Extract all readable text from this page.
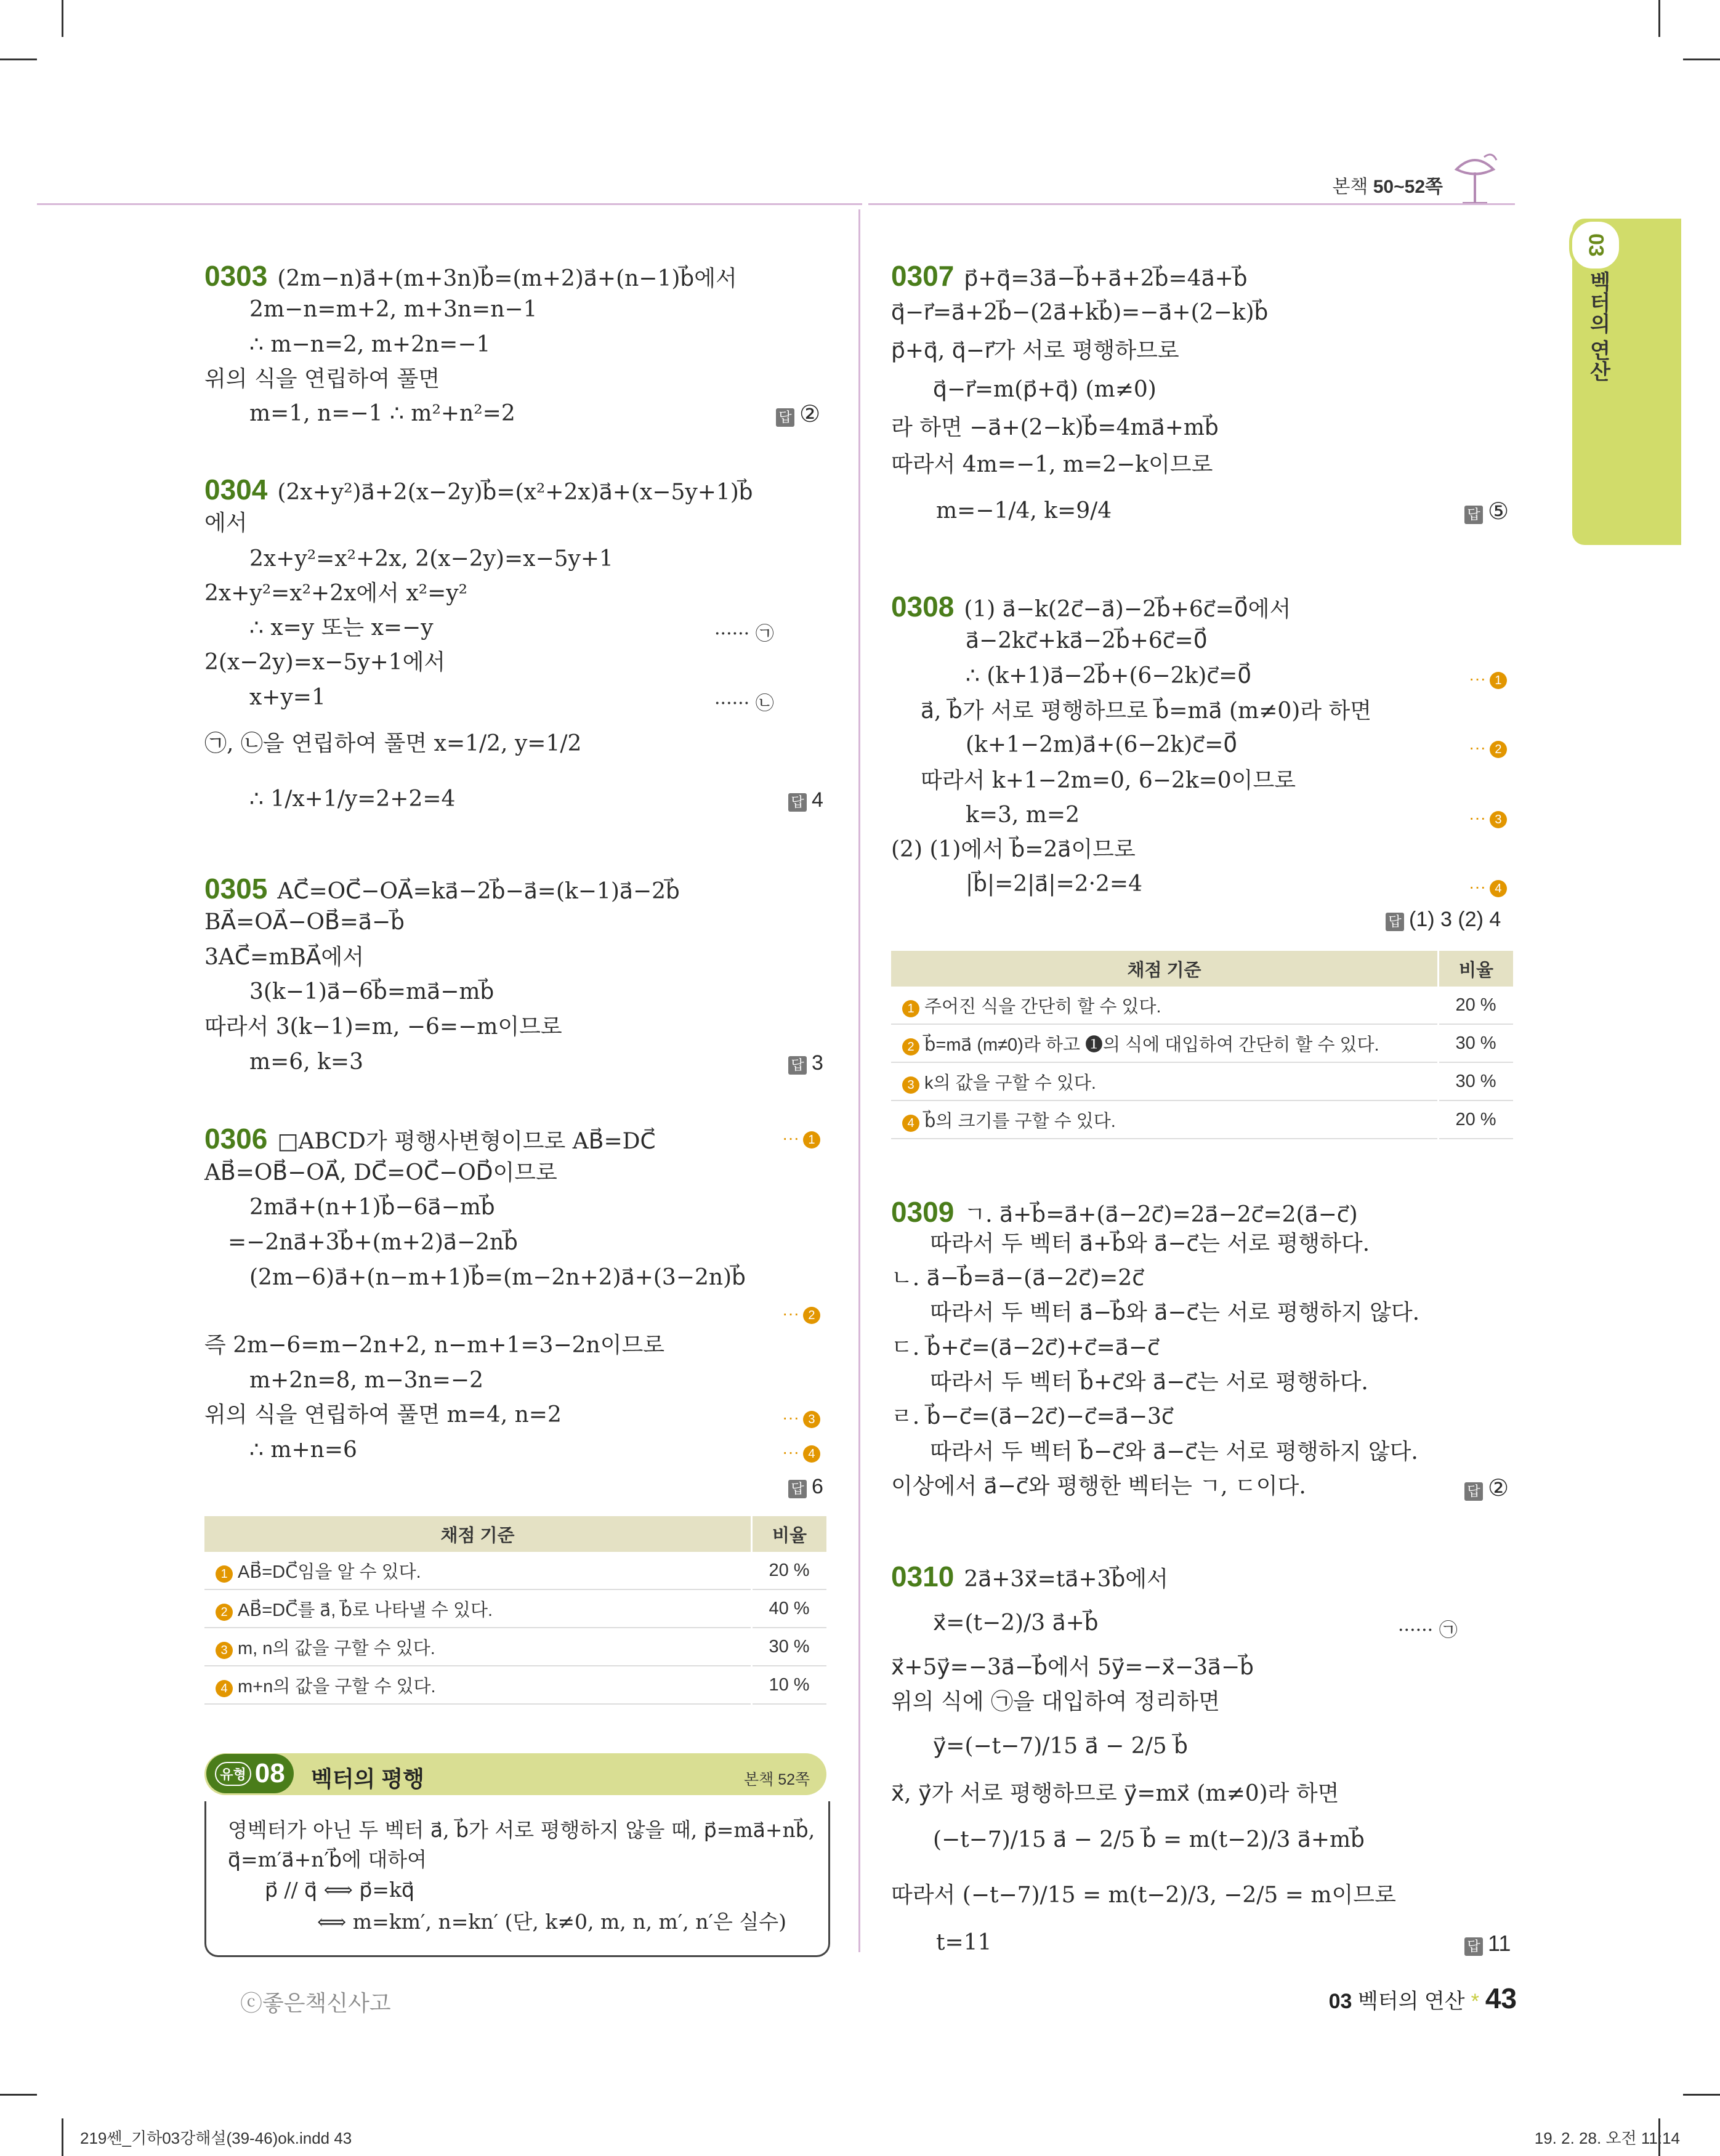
본책 50~52쪽
03
벡터의 연산
0303 (2m−n)a⃗+(m+3n)b⃗=(m+2)a⃗+(n−1)b⃗에서
2m−n=m+2, m+3n=n−1
∴ m−n=2, m+2n=−1
위의 식을 연립하여 풀면
m=1, n=−1 ∴ m²+n²=2	답 ②
0304 (2x+y²)a⃗+2(x−2y)b⃗=(x²+2x)a⃗+(x−5y+1)b⃗
에서
2x+y²=x²+2x, 2(x−2y)=x−5y+1
2x+y²=x²+2x에서 x²=y²
∴ x=y 또는 x=−y	······ ㉠
2(x−2y)=x−5y+1에서
x+y=1	······ ㉡
㉠, ㉡을 연립하여 풀면 x=1/2, y=1/2
∴ 1/x+1/y=2+2=4	답 4
0305 AC⃗=OC⃗−OA⃗=ka⃗−2b⃗−a⃗=(k−1)a⃗−2b⃗
BA⃗=OA⃗−OB⃗=a⃗−b⃗
3AC⃗=mBA⃗에서
3(k−1)a⃗−6b⃗=ma⃗−mb⃗
따라서 3(k−1)=m, −6=−m이므로
m=6, k=3	답 3
0306 □ABCD가 평행사변형이므로 AB⃗=DC⃗	··· 1
AB⃗=OB⃗−OA⃗, DC⃗=OC⃗−OD⃗이므로
2ma⃗+(n+1)b⃗−6a⃗−mb⃗
=−2na⃗+3b⃗+(m+2)a⃗−2nb⃗
(2m−6)a⃗+(n−m+1)b⃗=(m−2n+2)a⃗+(3−2n)b⃗
··· 2
즉 2m−6=m−2n+2, n−m+1=3−2n이므로
m+2n=8, m−3n=−2
위의 식을 연립하여 풀면 m=4, n=2	··· 3
∴ m+n=6	··· 4
답 6
채점 기준	비율
1 AB⃗=DC⃗임을 알 수 있다.	20 %
2 AB⃗=DC⃗를 a⃗, b⃗로 나타낼 수 있다.	40 %
3 m, n의 값을 구할 수 있다.	30 %
4 m+n의 값을 구할 수 있다.	10 %
유형 08 벡터의 평행	본책 52쪽
영벡터가 아닌 두 벡터 a⃗, b⃗가 서로 평행하지 않을 때, p⃗=ma⃗+nb⃗,
q⃗=m′a⃗+n′b⃗에 대하여
p⃗ // q⃗ ⟺ p⃗=kq⃗
⟺ m=km′, n=kn′ (단, k≠0, m, n, m′, n′은 실수)
0307 p⃗+q⃗=3a⃗−b⃗+a⃗+2b⃗=4a⃗+b⃗
q⃗−r⃗=a⃗+2b⃗−(2a⃗+kb⃗)=−a⃗+(2−k)b⃗
p⃗+q⃗, q⃗−r⃗가 서로 평행하므로
q⃗−r⃗=m(p⃗+q⃗) (m≠0)
라 하면 −a⃗+(2−k)b⃗=4ma⃗+mb⃗
따라서 4m=−1, m=2−k이므로
m=−1/4, k=9/4	답 ⑤
0308 (1) a⃗−k(2c⃗−a⃗)−2b⃗+6c⃗=0⃗에서
a⃗−2kc⃗+ka⃗−2b⃗+6c⃗=0⃗
∴ (k+1)a⃗−2b⃗+(6−2k)c⃗=0⃗	··· 1
a⃗, b⃗가 서로 평행하므로 b⃗=ma⃗ (m≠0)라 하면
(k+1−2m)a⃗+(6−2k)c⃗=0⃗	··· 2
따라서 k+1−2m=0, 6−2k=0이므로
k=3, m=2	··· 3
(2) (1)에서 b⃗=2a⃗이므로
|b⃗|=2|a⃗|=2·2=4	··· 4
답 (1) 3 (2) 4
채점 기준	비율
1 주어진 식을 간단히 할 수 있다.	20 %
2 b⃗=ma⃗ (m≠0)라 하고 ❶의 식에 대입하여 간단히 할 수 있다.	30 %
3 k의 값을 구할 수 있다.	30 %
4 b⃗의 크기를 구할 수 있다.	20 %
0309 ㄱ. a⃗+b⃗=a⃗+(a⃗−2c⃗)=2a⃗−2c⃗=2(a⃗−c⃗)
따라서 두 벡터 a⃗+b⃗와 a⃗−c⃗는 서로 평행하다.
ㄴ. a⃗−b⃗=a⃗−(a⃗−2c⃗)=2c⃗
따라서 두 벡터 a⃗−b⃗와 a⃗−c⃗는 서로 평행하지 않다.
ㄷ. b⃗+c⃗=(a⃗−2c⃗)+c⃗=a⃗−c⃗
따라서 두 벡터 b⃗+c⃗와 a⃗−c⃗는 서로 평행하다.
ㄹ. b⃗−c⃗=(a⃗−2c⃗)−c⃗=a⃗−3c⃗
따라서 두 벡터 b⃗−c⃗와 a⃗−c⃗는 서로 평행하지 않다.
이상에서 a⃗−c⃗와 평행한 벡터는 ㄱ, ㄷ이다.	답 ②
0310 2a⃗+3x⃗=ta⃗+3b⃗에서
x⃗=(t−2)/3 a⃗+b⃗	······ ㉠
x⃗+5y⃗=−3a⃗−b⃗에서 5y⃗=−x⃗−3a⃗−b⃗
위의 식에 ㉠을 대입하여 정리하면
y⃗=(−t−7)/15 a⃗ − 2/5 b⃗
x⃗, y⃗가 서로 평행하므로 y⃗=mx⃗ (m≠0)라 하면
(−t−7)/15 a⃗ − 2/5 b⃗ = m(t−2)/3 a⃗+mb⃗
따라서 (−t−7)/15 = m(t−2)/3, −2/5 = m이므로
t=11	답 11
ⓒ좋은책신사고	03 벡터의 연산 * 43
219쎈_기하03강해설(39-46)ok.indd 43	19. 2. 28. 오전 11:14
